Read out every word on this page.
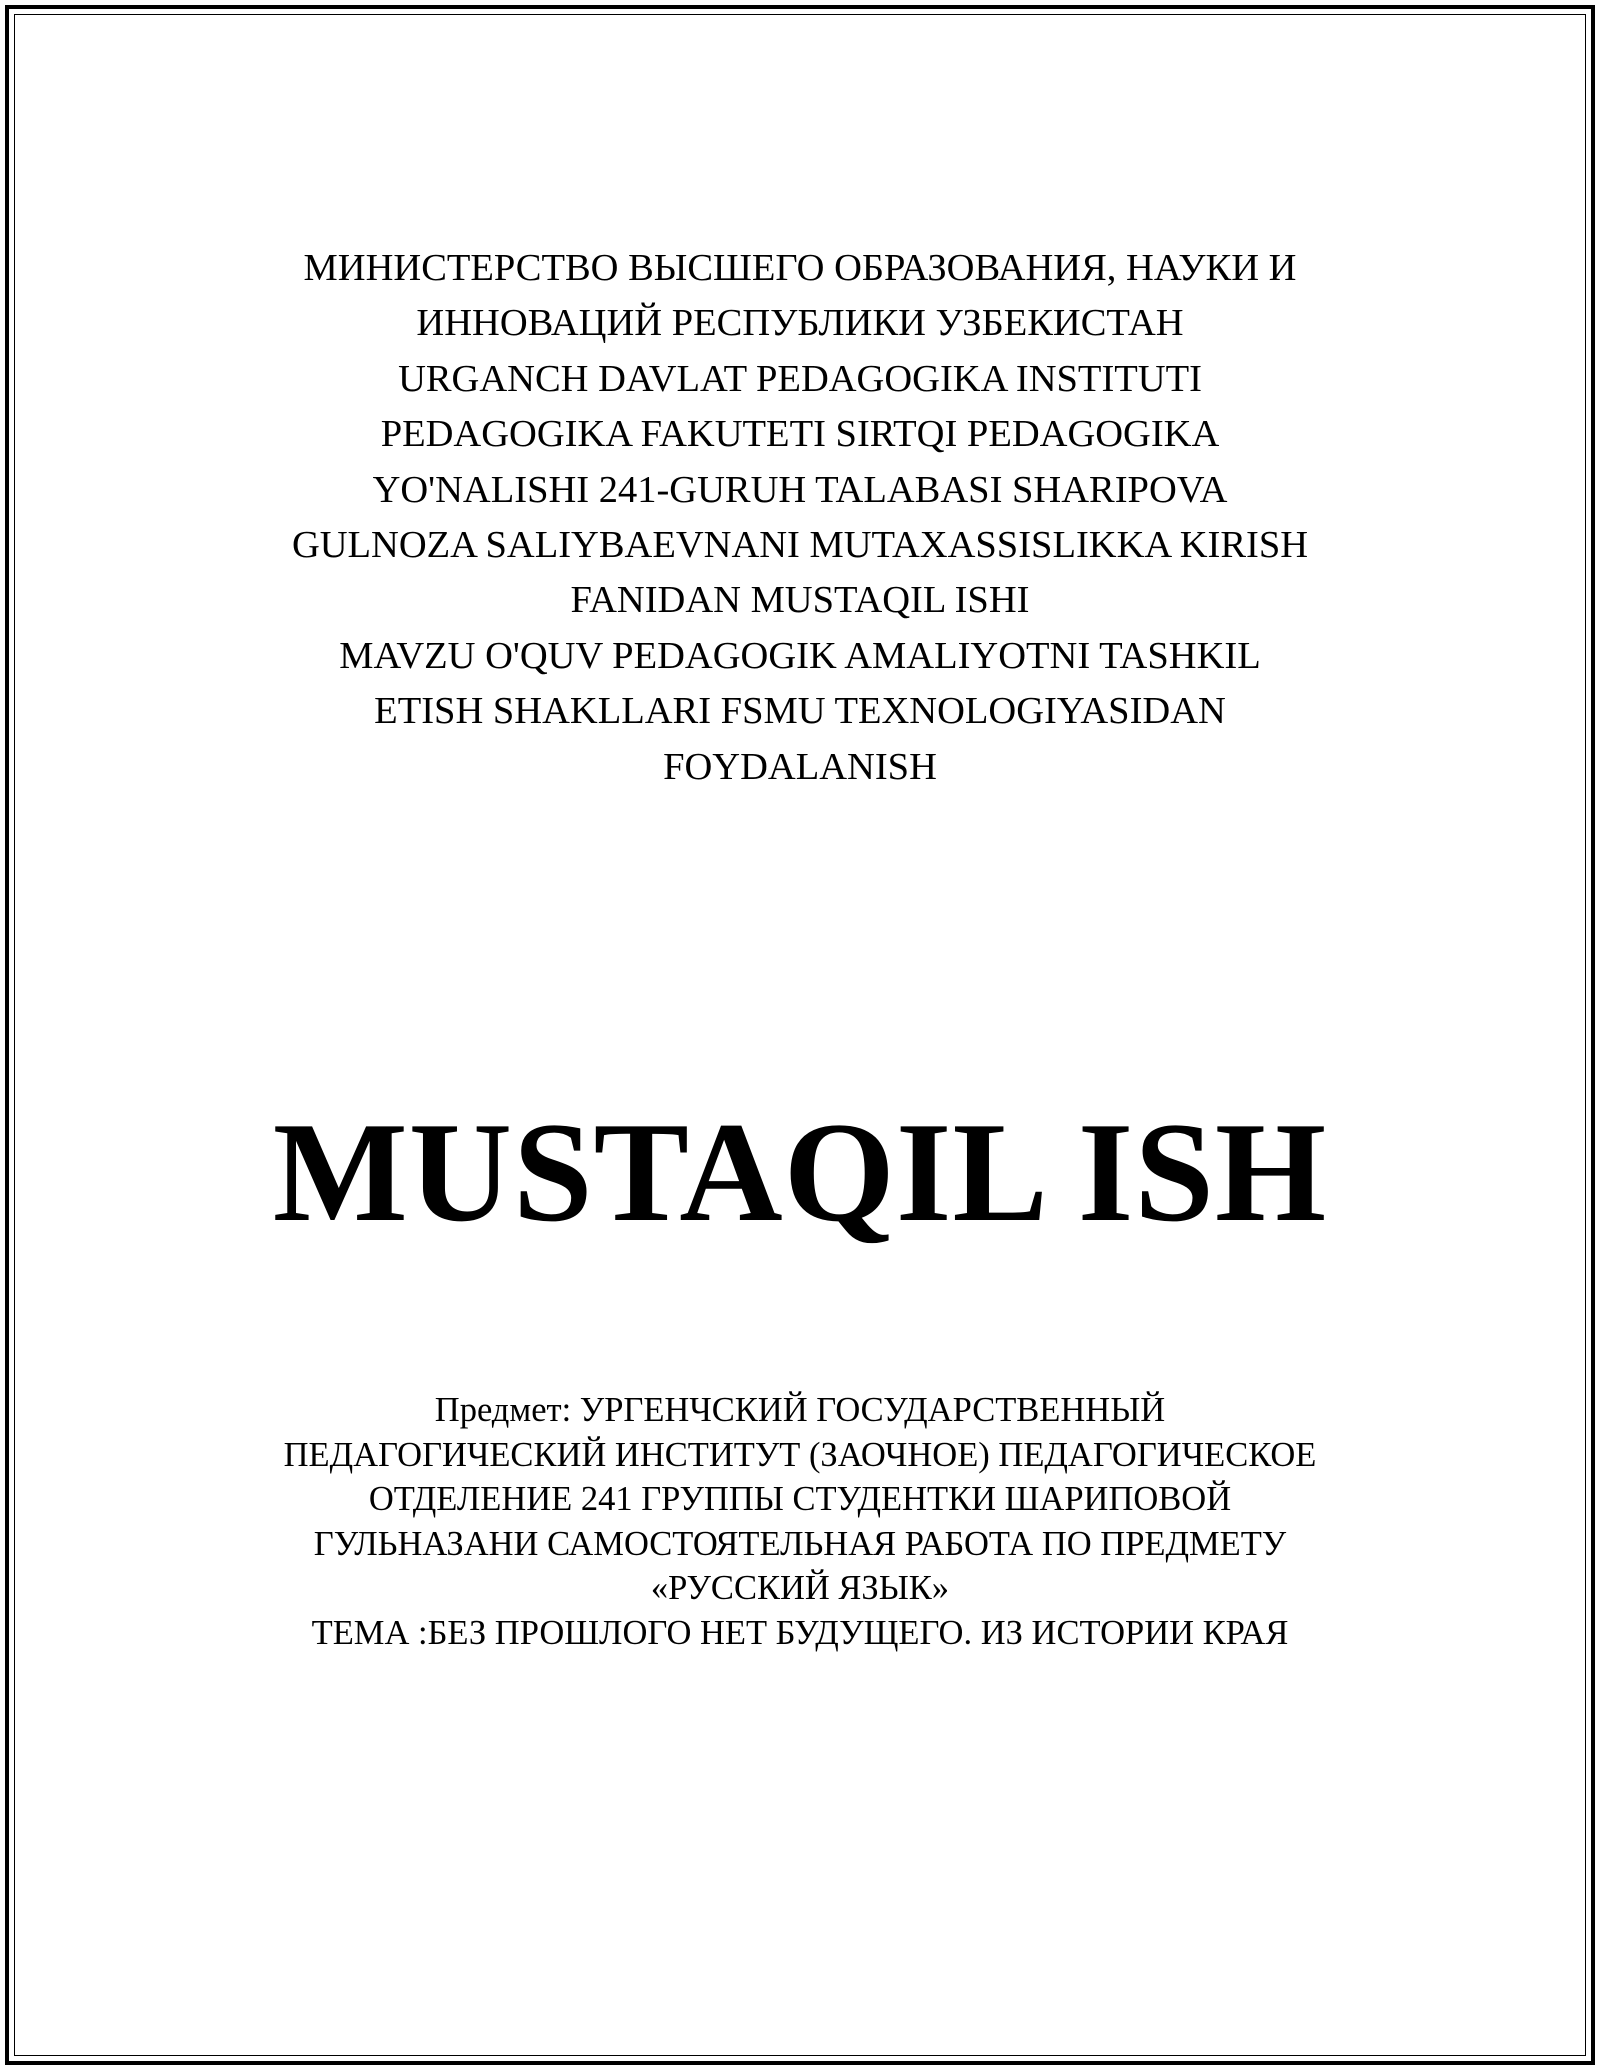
МИНИСТЕРСТВО ВЫСШЕГО ОБРАЗОВАНИЯ, НАУКИ И
ИННОВАЦИЙ РЕСПУБЛИКИ УЗБЕКИСТАН
URGANCH DAVLAT PEDAGOGIKA INSTITUTI
PEDAGOGIKA FAKUTETI SIRTQI PEDAGOGIKA
YO'NALISHI 241-GURUH TALABASI SHARIPOVA
GULNOZA SALIYBAEVNANI MUTAXASSISLIKKA KIRISH
FANIDAN MUSTAQIL ISHI
MAVZU O'QUV PEDAGOGIK AMALIYOTNI TASHKIL
ETISH SHAKLLARI FSMU TEXNOLOGIYASIDAN
FOYDALANISH
MUSTAQIL ISH
Предмет: УРГЕНЧСКИЙ ГОСУДАРСТВЕННЫЙ
ПЕДАГОГИЧЕСКИЙ ИНСТИТУТ (ЗАОЧНОЕ) ПЕДАГОГИЧЕСКОЕ
ОТДЕЛЕНИЕ 241 ГРУППЫ СТУДЕНТКИ ШАРИПОВОЙ
ГУЛЬНАЗАНИ САМОСТОЯТЕЛЬНАЯ РАБОТА ПО ПРЕДМЕТУ
«РУССКИЙ ЯЗЫК»
ТЕМА :БЕЗ ПРОШЛОГО НЕТ БУДУЩЕГО. ИЗ ИСТОРИИ КРАЯ
